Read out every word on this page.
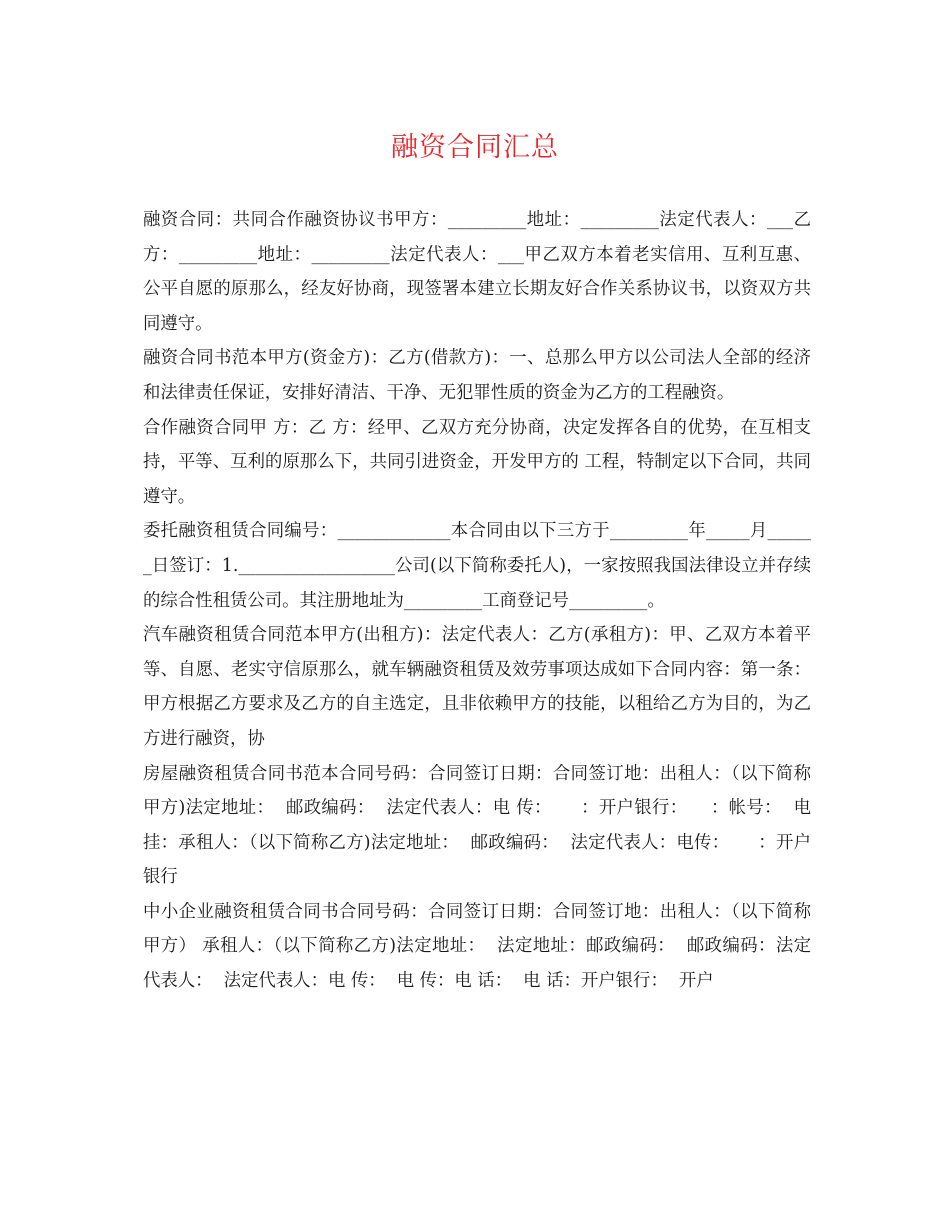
融资合同汇总

融资合同：共同合作融资协议书甲方：_________地址：_________法定代表人：___乙方：_________地址：_________法定代表人：___甲乙双方本着老实信用、互利互惠、公平自愿的原那么，经友好协商，现签署本建立长期友好合作关系协议书，以资双方共同遵守。

融资合同书范本甲方(资金方)：乙方(借款方)：一、总那么甲方以公司法人全部的经济和法律责任保证，安排好清洁、干净、无犯罪性质的资金为乙方的工程融资。

合作融资合同甲 方：乙 方：经甲、乙双方充分协商，决定发挥各自的优势，在互相支持，平等、互利的原那么下，共同引进资金，开发甲方的 工程，特制定以下合同，共同遵守。

委托融资租赁合同编号：_____________本合同由以下三方于_________年_____月______日签订：1.__________________公司(以下简称委托人)，一家按照我国法律设立并存续的综合性租赁公司。其注册地址为_________工商登记号_________。

汽车融资租赁合同范本甲方(出租方)：法定代表人：乙方(承租方)：甲、乙双方本着平等、自愿、老实守信原那么，就车辆融资租赁及效劳事项达成如下合同内容：第一条：甲方根据乙方要求及乙方的自主选定，且非依赖甲方的技能，以租给乙方为目的，为乙方进行融资，协

房屋融资租赁合同书范本合同号码：合同签订日期：合同签订地：出租人：（以下简称甲方)法定地址：  邮政编码：  法定代表人：电 传：     ：开户银行：    ：帐号：  电挂：承租人：（以下简称乙方)法定地址：  邮政编码：  法定代表人：电传：     ：开户银行

中小企业融资租赁合同书合同号码：合同签订日期：合同签订地：出租人：（以下简称甲方） 承租人：（以下简称乙方)法定地址：  法定地址：邮政编码：  邮政编码：法定代表人：  法定代表人：电 传：  电 传：电 话：  电 话：开户银行：  开户
